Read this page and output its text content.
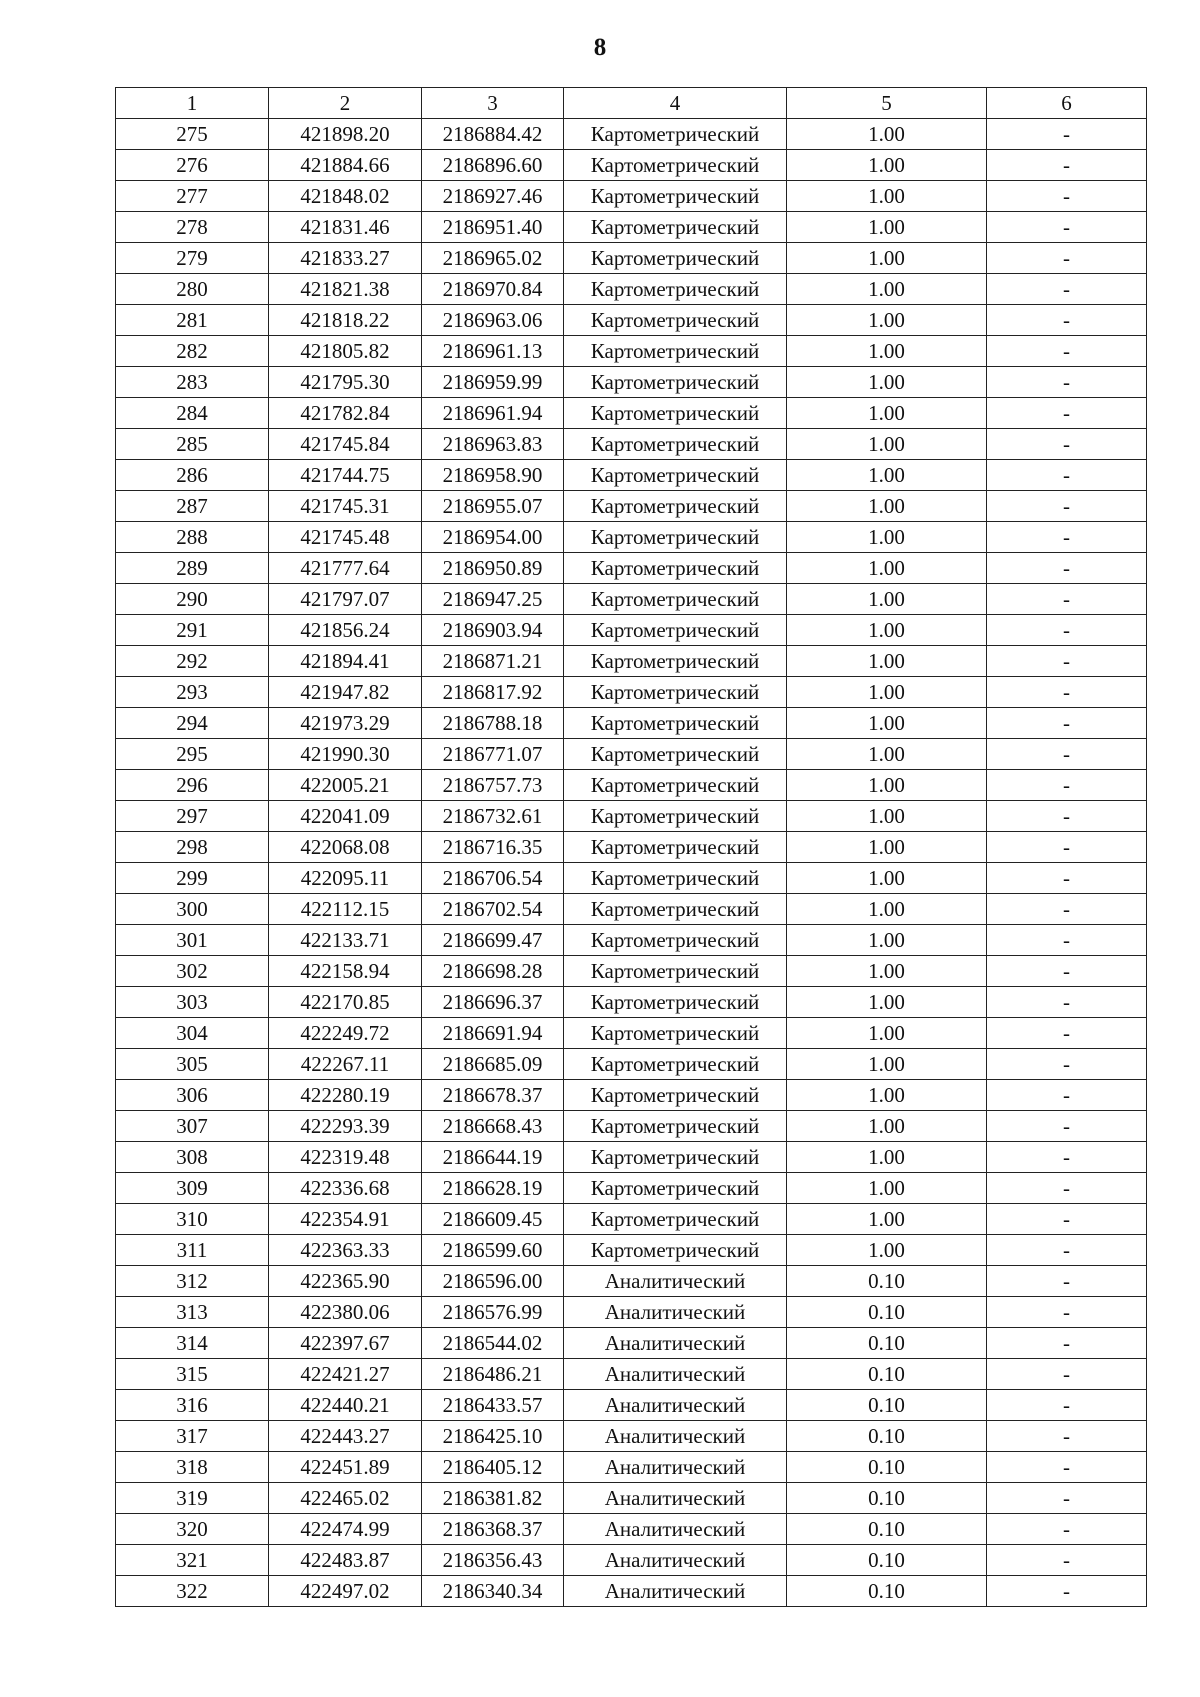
8
1	2	3	4	5	6
275	421898.20	2186884.42	Картометрический	1.00	-
276	421884.66	2186896.60	Картометрический	1.00	-
277	421848.02	2186927.46	Картометрический	1.00	-
278	421831.46	2186951.40	Картометрический	1.00	-
279	421833.27	2186965.02	Картометрический	1.00	-
280	421821.38	2186970.84	Картометрический	1.00	-
281	421818.22	2186963.06	Картометрический	1.00	-
282	421805.82	2186961.13	Картометрический	1.00	-
283	421795.30	2186959.99	Картометрический	1.00	-
284	421782.84	2186961.94	Картометрический	1.00	-
285	421745.84	2186963.83	Картометрический	1.00	-
286	421744.75	2186958.90	Картометрический	1.00	-
287	421745.31	2186955.07	Картометрический	1.00	-
288	421745.48	2186954.00	Картометрический	1.00	-
289	421777.64	2186950.89	Картометрический	1.00	-
290	421797.07	2186947.25	Картометрический	1.00	-
291	421856.24	2186903.94	Картометрический	1.00	-
292	421894.41	2186871.21	Картометрический	1.00	-
293	421947.82	2186817.92	Картометрический	1.00	-
294	421973.29	2186788.18	Картометрический	1.00	-
295	421990.30	2186771.07	Картометрический	1.00	-
296	422005.21	2186757.73	Картометрический	1.00	-
297	422041.09	2186732.61	Картометрический	1.00	-
298	422068.08	2186716.35	Картометрический	1.00	-
299	422095.11	2186706.54	Картометрический	1.00	-
300	422112.15	2186702.54	Картометрический	1.00	-
301	422133.71	2186699.47	Картометрический	1.00	-
302	422158.94	2186698.28	Картометрический	1.00	-
303	422170.85	2186696.37	Картометрический	1.00	-
304	422249.72	2186691.94	Картометрический	1.00	-
305	422267.11	2186685.09	Картометрический	1.00	-
306	422280.19	2186678.37	Картометрический	1.00	-
307	422293.39	2186668.43	Картометрический	1.00	-
308	422319.48	2186644.19	Картометрический	1.00	-
309	422336.68	2186628.19	Картометрический	1.00	-
310	422354.91	2186609.45	Картометрический	1.00	-
311	422363.33	2186599.60	Картометрический	1.00	-
312	422365.90	2186596.00	Аналитический	0.10	-
313	422380.06	2186576.99	Аналитический	0.10	-
314	422397.67	2186544.02	Аналитический	0.10	-
315	422421.27	2186486.21	Аналитический	0.10	-
316	422440.21	2186433.57	Аналитический	0.10	-
317	422443.27	2186425.10	Аналитический	0.10	-
318	422451.89	2186405.12	Аналитический	0.10	-
319	422465.02	2186381.82	Аналитический	0.10	-
320	422474.99	2186368.37	Аналитический	0.10	-
321	422483.87	2186356.43	Аналитический	0.10	-
322	422497.02	2186340.34	Аналитический	0.10	-
